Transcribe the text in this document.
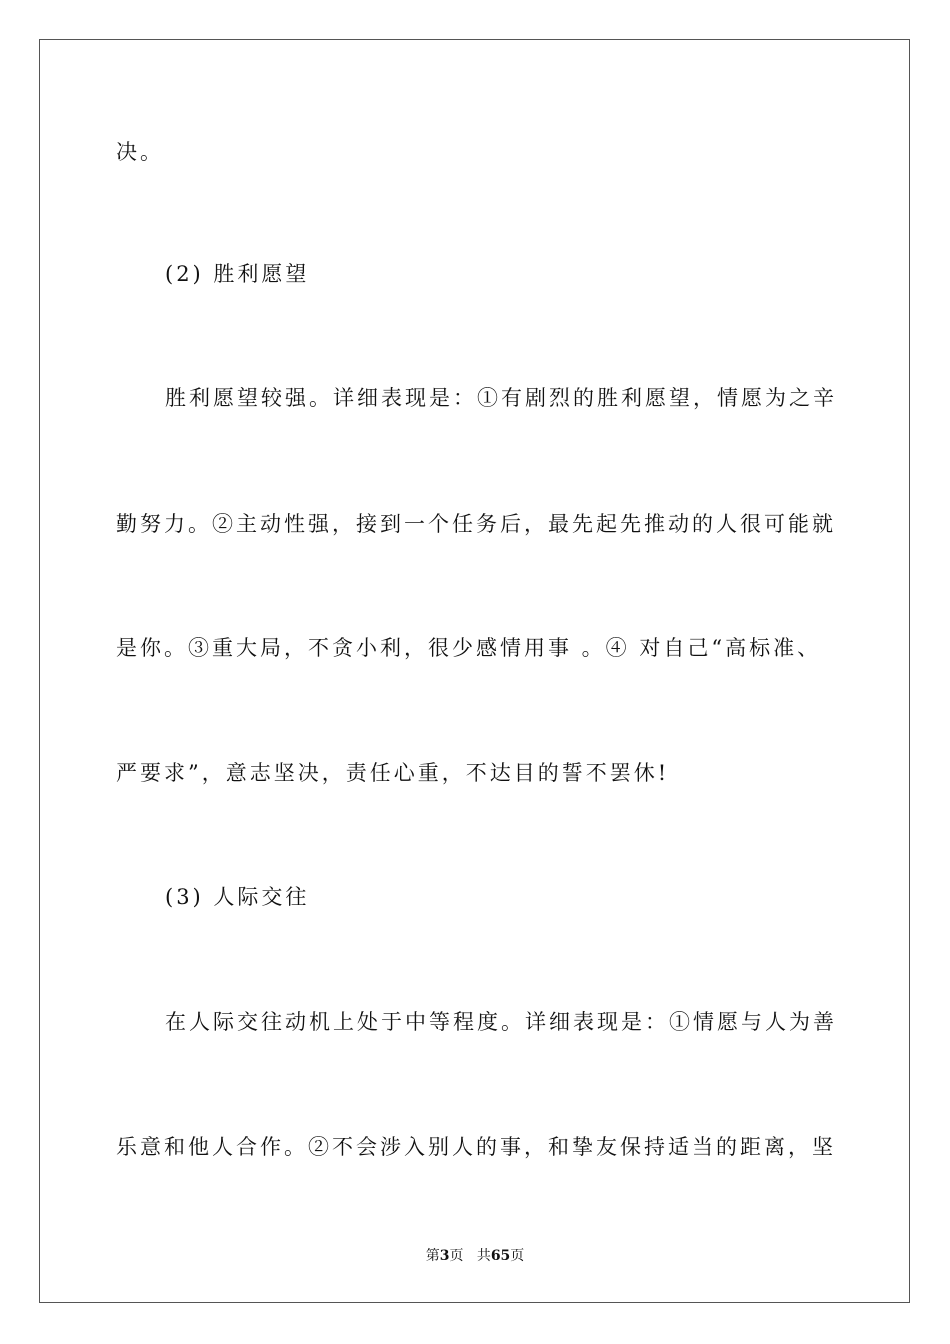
决。
(2) 胜利愿望
胜利愿望较强。详细表现是：①有剧烈的胜利愿望，情愿为之辛
勤努力。②主动性强，接到一个任务后，最先起先推动的人很可能就
是你。③重大局，不贪小利，很少感情用事 。④ 对自己“高标准、
严要求”，意志坚决，责任心重，不达目的誓不罢休!
(3) 人际交往
在人际交往动机上处于中等程度。详细表现是：①情愿与人为善
乐意和他人合作。②不会涉入别人的事，和挚友保持适当的距离，坚
第3页 共65页
